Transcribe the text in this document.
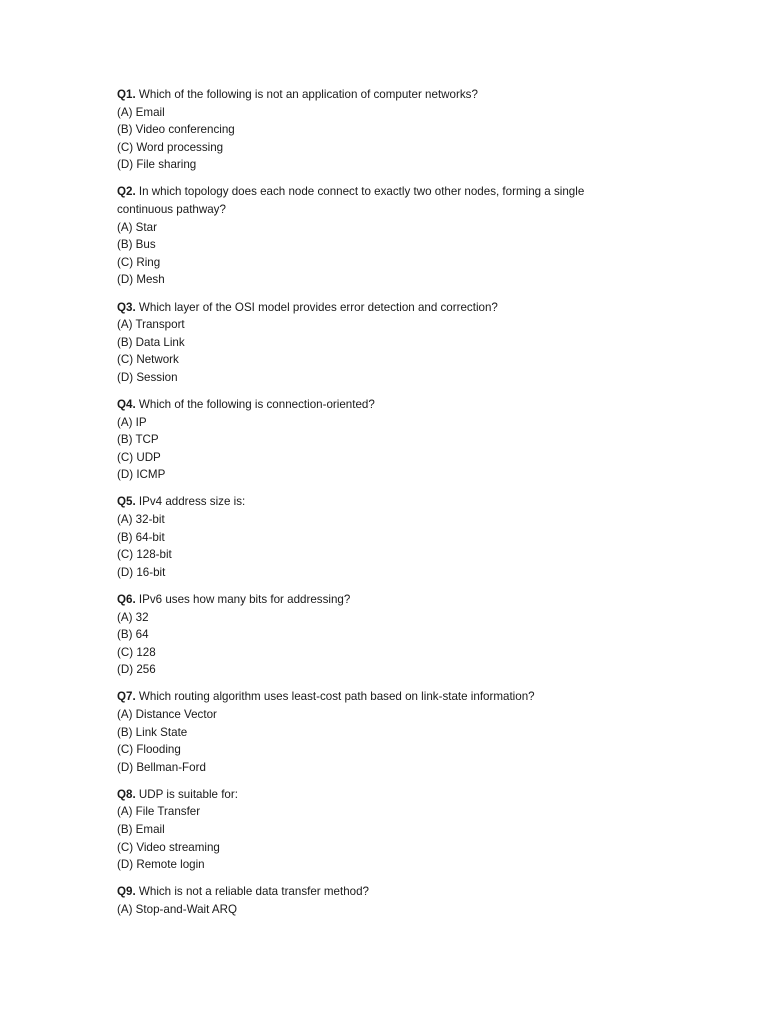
Q1. Which of the following is not an application of computer networks?
(A) Email
(B) Video conferencing
(C) Word processing
(D) File sharing
Q2. In which topology does each node connect to exactly two other nodes, forming a single
continuous pathway?
(A) Star
(B) Bus
(C) Ring
(D) Mesh
Q3. Which layer of the OSI model provides error detection and correction?
(A) Transport
(B) Data Link
(C) Network
(D) Session
Q4. Which of the following is connection-oriented?
(A) IP
(B) TCP
(C) UDP
(D) ICMP
Q5. IPv4 address size is:
(A) 32-bit
(B) 64-bit
(C) 128-bit
(D) 16-bit
Q6. IPv6 uses how many bits for addressing?
(A) 32
(B) 64
(C) 128
(D) 256
Q7. Which routing algorithm uses least-cost path based on link-state information?
(A) Distance Vector
(B) Link State
(C) Flooding
(D) Bellman-Ford
Q8. UDP is suitable for:
(A) File Transfer
(B) Email
(C) Video streaming
(D) Remote login
Q9. Which is not a reliable data transfer method?
(A) Stop-and-Wait ARQ
